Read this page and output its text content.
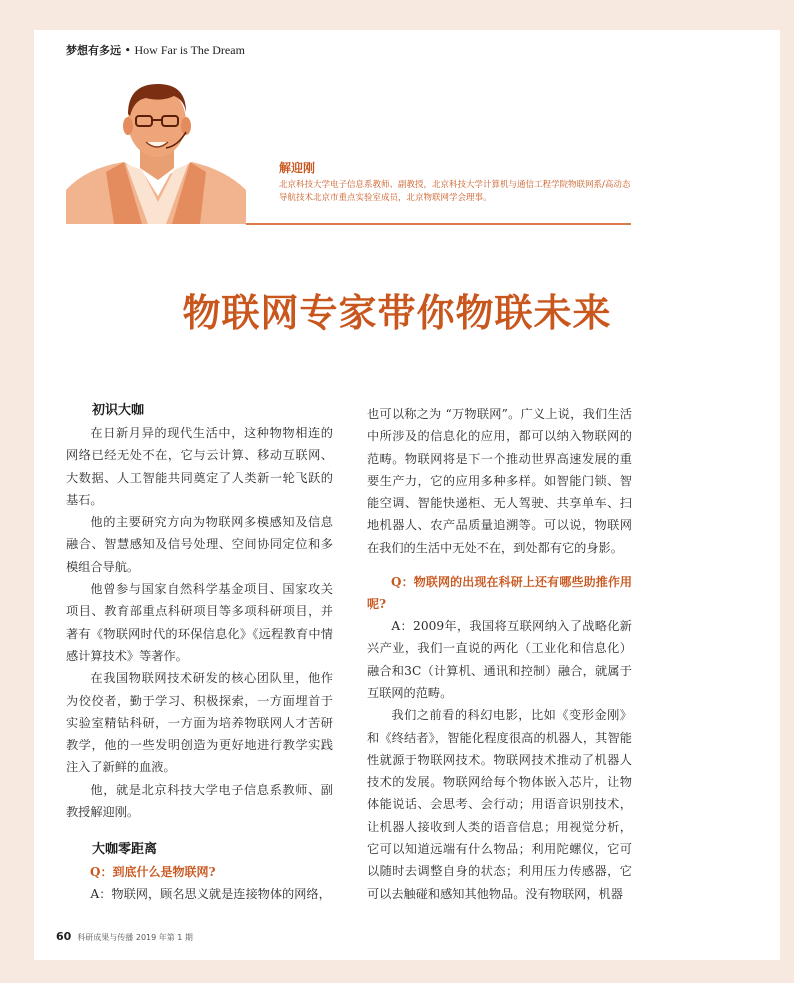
梦想有多远 • How Far is The Dream
解迎刚
北京科技大学电子信息系教师、副教授，北京科技大学计算机与通信工程学院物联网系/高动态导航技术北京市重点实验室成员，北京物联网学会理事。
物联网专家带你物联未来

初识大咖

在日新月异的现代生活中，这种物物相连的网络已经无处不在，它与云计算、移动互联网、大数据、人工智能共同奠定了人类新一轮飞跃的基石。

他的主要研究方向为物联网多模感知及信息融合、智慧感知及信号处理、空间协同定位和多模组合导航。

他曾参与国家自然科学基金项目、国家攻关项目、教育部重点科研项目等多项科研项目，并著有《物联网时代的环保信息化》《远程教育中情感计算技术》等著作。

在我国物联网技术研发的核心团队里，他作为佼佼者，勤于学习、积极探索，一方面埋首于实验室精钻科研，一方面为培养物联网人才苦研教学，他的一些发明创造为更好地进行教学实践注入了新鲜的血液。

他，就是北京科技大学电子信息系教师、副教授解迎刚。

大咖零距离

Q：到底什么是物联网?

A：物联网，顾名思义就是连接物体的网络，

也可以称之为 “万物联网”。广义上说，我们生活中所涉及的信息化的应用，都可以纳入物联网的范畴。物联网将是下一个推动世界高速发展的重要生产力，它的应用多种多样。如智能门锁、智能空调、智能快递柜、无人驾驶、共享单车、扫地机器人、农产品质量追溯等。可以说，物联网在我们的生活中无处不在，到处都有它的身影。

Q：物联网的出现在科研上还有哪些助推作用呢?

A：2009年，我国将互联网纳入了战略化新兴产业，我们一直说的两化（工业化和信息化）融合和3C（计算机、通讯和控制）融合，就属于互联网的范畴。

我们之前看的科幻电影，比如《变形金刚》和《终结者》，智能化程度很高的机器人，其智能性就源于物联网技术。物联网技术推动了机器人技术的发展。物联网给每个物体嵌入芯片，让物体能说话、会思考、会行动；用语音识别技术，让机器人接收到人类的语音信息；用视觉分析，它可以知道远端有什么物品；利用陀螺仪，它可以随时去调整自身的状态；利用压力传感器，它可以去触碰和感知其他物品。没有物联网，机器

60 科研成果与传播 2019 年第 1 期
